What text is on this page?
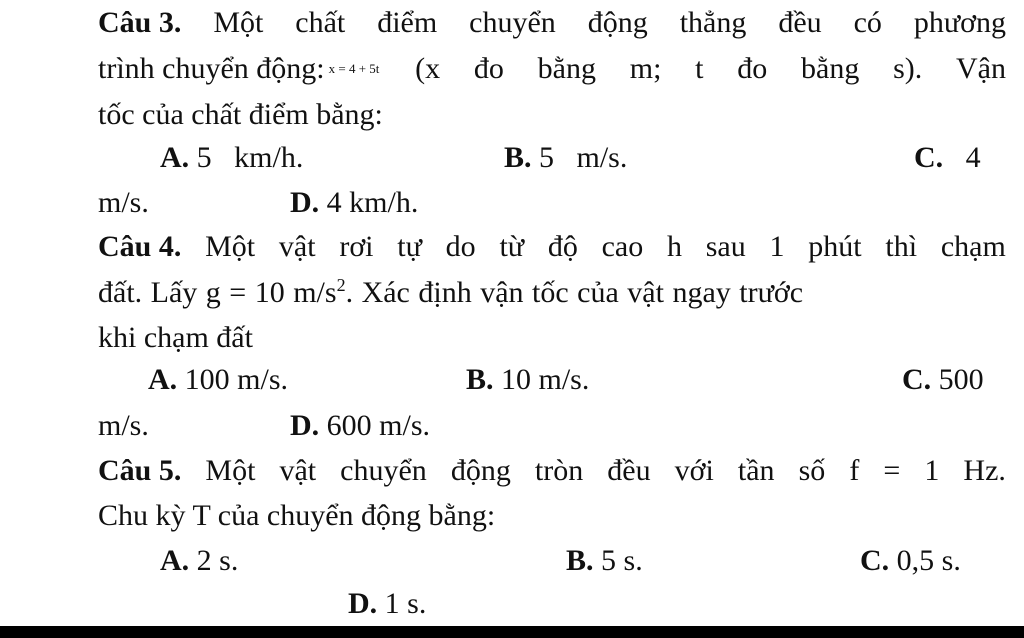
Câu 3. Một chất điểm chuyển động thẳng đều có phương
trình chuyển động: x = 4 + 5t (x đo bằng m; t đo bằng s). Vận
tốc của chất điểm bằng:
A. 5   km/h.	B. 5   m/s.	C. 4
m/s.	D. 4 km/h.
Câu 4. Một vật rơi tự do từ độ cao h sau 1 phút thì chạm
đất. Lấy g = 10 $m/s^2$. Xác định vận tốc của vật ngay trước
khi chạm đất
A. 100 m/s.	B. 10 m/s.	C. 500
m/s.	D. 600 m/s.
Câu 5. Một vật chuyển động tròn đều với tần số f = 1 Hz.
Chu kỳ T của chuyển động bằng:
A. 2 s.	B. 5 s.	C. 0,5 s.
D. 1 s.
